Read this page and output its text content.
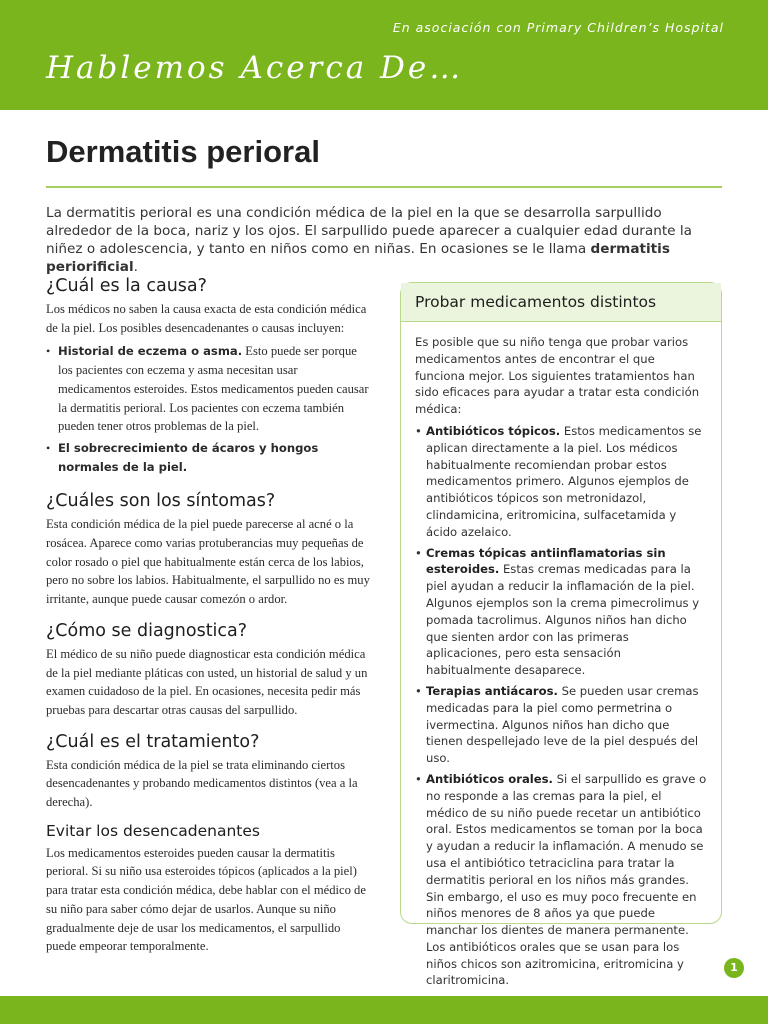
En asociación con Primary Children’s Hospital
Hablemos Acerca De…
Dermatitis perioral

La dermatitis perioral es una condición médica de la piel en la que se desarrolla sarpullido alrededor de la boca, nariz y los ojos. El sarpullido puede aparecer a cualquier edad durante la niñez o adolescencia, y tanto en niños como en niñas. En ocasiones se le llama dermatitis periorificial.

¿Cuál es la causa?

Los médicos no saben la causa exacta de esta condición médica de la piel. Los posibles desencadenantes o causas incluyen:

• Historial de eczema o asma. Esto puede ser porque los pacientes con eczema y asma necesitan usar medicamentos esteroides. Estos medicamentos pueden causar la dermatitis perioral. Los pacientes con eczema también pueden tener otros problemas de la piel.
• El sobrecrecimiento de ácaros y hongos normales de la piel.
¿Cuáles son los síntomas?

Esta condición médica de la piel puede parecerse al acné o la rosácea. Aparece como varias protuberancias muy pequeñas de color rosado o piel que habitualmente están cerca de los labios, pero no sobre los labios. Habitualmente, el sarpullido no es muy irritante, aunque puede causar comezón o ardor.

¿Cómo se diagnostica?

El médico de su niño puede diagnosticar esta condición médica de la piel mediante pláticas con usted, un historial de salud y un examen cuidadoso de la piel. En ocasiones, necesita pedir más pruebas para descartar otras causas del sarpullido.

¿Cuál es el tratamiento?

Esta condición médica de la piel se trata eliminando ciertos desencadenantes y probando medicamentos distintos (vea a la derecha).

Evitar los desencadenantes

Los medicamentos esteroides pueden causar la dermatitis perioral. Si su niño usa esteroides tópicos (aplicados a la piel) para tratar esta condición médica, debe hablar con el médico de su niño para saber cómo dejar de usarlos. Aunque su niño gradualmente deje de usar los medicamentos, el sarpullido puede empeorar temporalmente.

Probar medicamentos distintos

Es posible que su niño tenga que probar varios medicamentos antes de encontrar el que funciona mejor. Los siguientes tratamientos han sido eficaces para ayudar a tratar esta condición médica:

• Antibióticos tópicos. Estos medicamentos se aplican directamente a la piel. Los médicos habitualmente recomiendan probar estos medicamentos primero. Algunos ejemplos de antibióticos tópicos son metronidazol, clindamicina, eritromicina, sulfacetamida y ácido azelaico.
• Cremas tópicas antiinflamatorias sin esteroides. Estas cremas medicadas para la piel ayudan a reducir la inflamación de la piel. Algunos ejemplos son la crema pimecrolimus y pomada tacrolimus. Algunos niños han dicho que sienten ardor con las primeras aplicaciones, pero esta sensación habitualmente desaparece.
• Terapias antiácaros. Se pueden usar cremas medicadas para la piel como permetrina o ivermectina. Algunos niños han dicho que tienen despellejado leve de la piel después del uso.
• Antibióticos orales. Si el sarpullido es grave o no responde a las cremas para la piel, el médico de su niño puede recetar un antibiótico oral. Estos medicamentos se toman por la boca y ayudan a reducir la inflamación. A menudo se usa el antibiótico tetraciclina para tratar la dermatitis perioral en los niños más grandes. Sin embargo, el uso es muy poco frecuente en niños menores de 8 años ya que puede manchar los dientes de manera permanente. Los antibióticos orales que se usan para los niños chicos son azitromicina, eritromicina y claritromicina.
1
